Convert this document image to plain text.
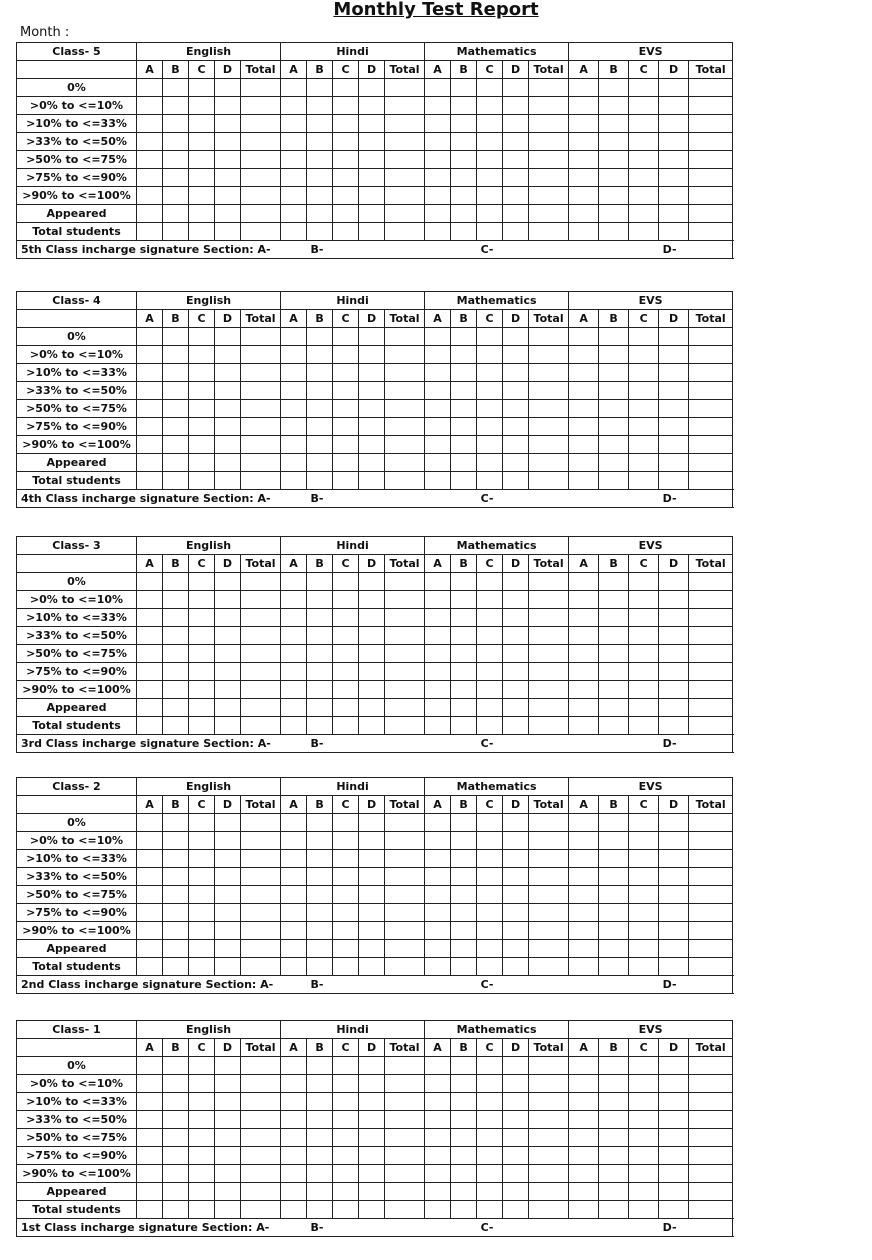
Monthly Test Report
Month :
Class- 5	English					Hindi					Mathematics					EVS				
	A	B	C	D	Total	A	B	C	D	Total	A	B	C	D	Total	A	B	C	D	Total
0%																				
>0% to <=10%																				
>10% to <=33%																				
>33% to <=50%																				
>50% to <=75%																				
>75% to <=90%																				
>90% to <=100%																				
Appeared																				
Total students																				
5th Class incharge signature Section: A-							B-						C-						D-	
Class- 4	English					Hindi					Mathematics					EVS				
	A	B	C	D	Total	A	B	C	D	Total	A	B	C	D	Total	A	B	C	D	Total
0%																				
>0% to <=10%																				
>10% to <=33%																				
>33% to <=50%																				
>50% to <=75%																				
>75% to <=90%																				
>90% to <=100%																				
Appeared																				
Total students																				
4th Class incharge signature Section: A-							B-						C-						D-	
Class- 3	English					Hindi					Mathematics					EVS				
	A	B	C	D	Total	A	B	C	D	Total	A	B	C	D	Total	A	B	C	D	Total
0%																				
>0% to <=10%																				
>10% to <=33%																				
>33% to <=50%																				
>50% to <=75%																				
>75% to <=90%																				
>90% to <=100%																				
Appeared																				
Total students																				
3rd Class incharge signature Section: A-							B-						C-						D-	
Class- 2	English					Hindi					Mathematics					EVS				
	A	B	C	D	Total	A	B	C	D	Total	A	B	C	D	Total	A	B	C	D	Total
0%																				
>0% to <=10%																				
>10% to <=33%																				
>33% to <=50%																				
>50% to <=75%																				
>75% to <=90%																				
>90% to <=100%																				
Appeared																				
Total students																				
2nd Class incharge signature Section: A-							B-						C-						D-	
Class- 1	English					Hindi					Mathematics					EVS				
	A	B	C	D	Total	A	B	C	D	Total	A	B	C	D	Total	A	B	C	D	Total
0%																				
>0% to <=10%																				
>10% to <=33%																				
>33% to <=50%																				
>50% to <=75%																				
>75% to <=90%																				
>90% to <=100%																				
Appeared																				
Total students																				
1st Class incharge signature Section: A-							B-						C-						D-	
